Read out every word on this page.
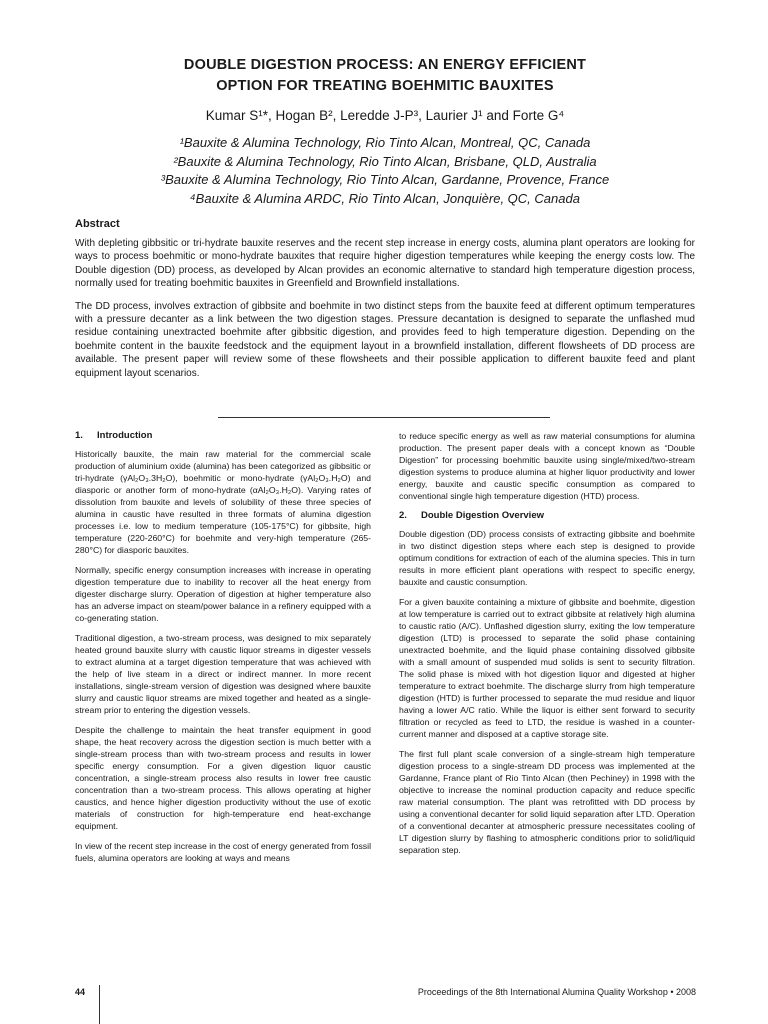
DOUBLE DIGESTION PROCESS: AN ENERGY EFFICIENT
OPTION FOR TREATING BOEHMITIC BAUXITES

Kumar S¹*, Hogan B², Leredde J-P³, Laurier J¹ and Forte G⁴

¹Bauxite & Alumina Technology, Rio Tinto Alcan, Montreal, QC, Canada
²Bauxite & Alumina Technology, Rio Tinto Alcan, Brisbane, QLD, Australia
³Bauxite & Alumina Technology, Rio Tinto Alcan, Gardanne, Provence, France
⁴Bauxite & Alumina ARDC, Rio Tinto Alcan, Jonquière, QC, Canada
Abstract

With depleting gibbsitic or tri-hydrate bauxite reserves and the recent step increase in energy costs, alumina plant operators are looking for ways to process boehmitic or mono-hydrate bauxites that require higher digestion temperatures while keeping the energy costs low. The Double digestion (DD) process, as developed by Alcan provides an economic alternative to standard high temperature digestion process, normally used for treating boehmitic bauxites in Greenfield and Brownfield installations.

The DD process, involves extraction of gibbsite and boehmite in two distinct steps from the bauxite feed at different optimum temperatures with a pressure decanter as a link between the two digestion stages. Pressure decantation is designed to separate the unflashed mud residue containing unextracted boehmite after gibbsitic digestion, and provides feed to high temperature digestion. Depending on the boehmite content in the bauxite feedstock and the equipment layout in a brownfield installation, different flowsheets of DD process are available. The present paper will review some of these flowsheets and their possible application to different bauxite feed and plant equipment layout scenarios.

1. Introduction

Historically bauxite, the main raw material for the commercial scale production of aluminium oxide (alumina) has been categorized as gibbsitic or tri-hydrate (γAl₂O₃.3H₂O), boehmitic or mono-hydrate (γAl₂O₃.H₂O) and diasporic or another form of mono-hydrate (αAl₂O₃.H₂O). Varying rates of dissolution from bauxite and levels of solubility of these three species of alumina in caustic have resulted in three formats of alumina digestion processes i.e. low to medium temperature (105-175°C) for gibbsite, high temperature (220-260°C) for boehmite and very-high temperature (265-280°C) for diasporic bauxites.

Normally, specific energy consumption increases with increase in operating digestion temperature due to inability to recover all the heat energy from digester discharge slurry. Operation of digestion at higher temperature also has an adverse impact on steam/power balance in a refinery equipped with a co-generating station.

Traditional digestion, a two-stream process, was designed to mix separately heated ground bauxite slurry with caustic liquor streams in digester vessels to extract alumina at a target digestion temperature that was achieved with the help of live steam in a direct or indirect manner. In more recent installations, single-stream version of digestion was designed where bauxite slurry and caustic liquor streams are mixed together and heated as a single-stream prior to entering the digestion vessels.

Despite the challenge to maintain the heat transfer equipment in good shape, the heat recovery across the digestion section is much better with a single-stream process than with two-stream process and results in lower specific energy consumption. For a given digestion liquor caustic concentration, a single-stream process also results in lower free caustic concentration than a two-stream process. This allows operating at higher caustics, and hence higher digestion productivity without the use of exotic materials of construction for high-temperature end heat-exchange equipment.

In view of the recent step increase in the cost of energy generated from fossil fuels, alumina operators are looking at ways and means

to reduce specific energy as well as raw material consumptions for alumina production. The present paper deals with a concept known as “Double Digestion” for processing boehmitic bauxite using single/mixed/two-stream digestion systems to produce alumina at higher liquor productivity and lower energy, bauxite and caustic specific consumption as compared to conventional single high temperature digestion (HTD) process.

2. Double Digestion Overview

Double digestion (DD) process consists of extracting gibbsite and boehmite in two distinct digestion steps where each step is designed to provide optimum conditions for extraction of each of the alumina species. This in turn results in more efficient plant operations with respect to specific energy, bauxite and caustic consumption.

For a given bauxite containing a mixture of gibbsite and boehmite, digestion at low temperature is carried out to extract gibbsite at relatively high alumina to caustic ratio (A/C). Unflashed digestion slurry, exiting the low temperature digestion (LTD) is processed to separate the solid phase containing unextracted boehmite, and the liquid phase containing dissolved gibbsite with a small amount of suspended mud solids is sent to security filtration. The solid phase is mixed with hot digestion liquor and digested at higher temperature to extract boehmite. The discharge slurry from high temperature digestion (HTD) is further processed to separate the mud residue and liquor having a lower A/C ratio. While the liquor is either sent forward to security filtration or recycled as feed to LTD, the residue is washed in a counter-current manner and disposed at a captive storage site.

The first full plant scale conversion of a single-stream high temperature digestion process to a single-stream DD process was implemented at the Gardanne, France plant of Rio Tinto Alcan (then Pechiney) in 1998 with the objective to increase the nominal production capacity and reduce specific raw material consumption. The plant was retrofitted with DD process by using a conventional decanter for solid liquid separation after LTD. Operation of a conventional decanter at atmospheric pressure necessitates cooling of LT digestion slurry by flashing to atmospheric conditions prior to solid/liquid separation step.

44	Proceedings of the 8th International Alumina Quality Workshop • 2008
